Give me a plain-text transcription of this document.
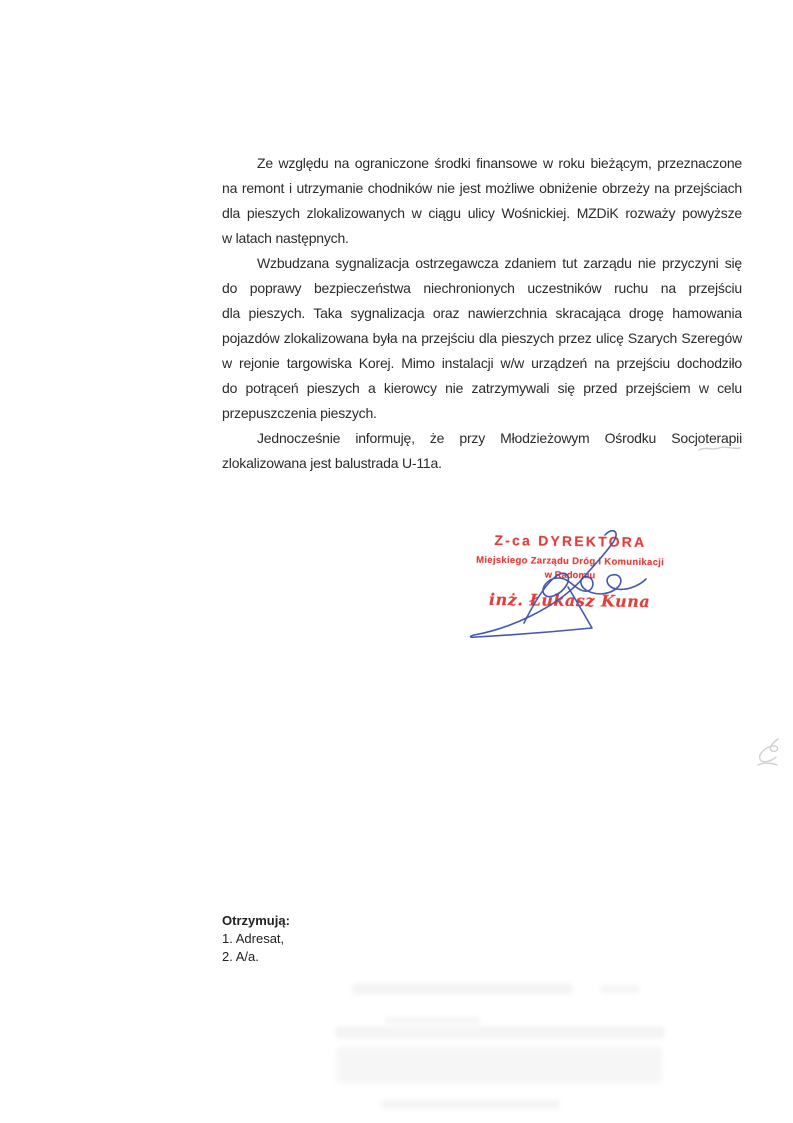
Ze względu na ograniczone środki finansowe w roku bieżącym, przeznaczone
na remont i utrzymanie chodników nie jest możliwe obniżenie obrzeży na przejściach
dla pieszych zlokalizowanych w ciągu ulicy Wośnickiej. MZDiK rozważy powyższe
w latach następnych.
Wzbudzana sygnalizacja ostrzegawcza zdaniem tut zarządu nie przyczyni się
do poprawy bezpieczeństwa niechronionych uczestników ruchu na przejściu
dla pieszych. Taka sygnalizacja oraz nawierzchnia skracająca drogę hamowania
pojazdów zlokalizowana była na przejściu dla pieszych przez ulicę Szarych Szeregów
w rejonie targowiska Korej. Mimo instalacji w/w urządzeń na przejściu dochodziło
do potrąceń pieszych a kierowcy nie zatrzymywali się przed przejściem w celu
przepuszczenia pieszych.
Jednocześnie informuję, że przy Młodzieżowym Ośrodku Socjoterapii
zlokalizowana jest balustrada U-11a.
Z-ca DYREKTORA
Miejskiego Zarządu Dróg i Komunikacji
w Radomiu
inż. Łukasz Kuna
Otrzymują:
1. Adresat,
2. A/a.
